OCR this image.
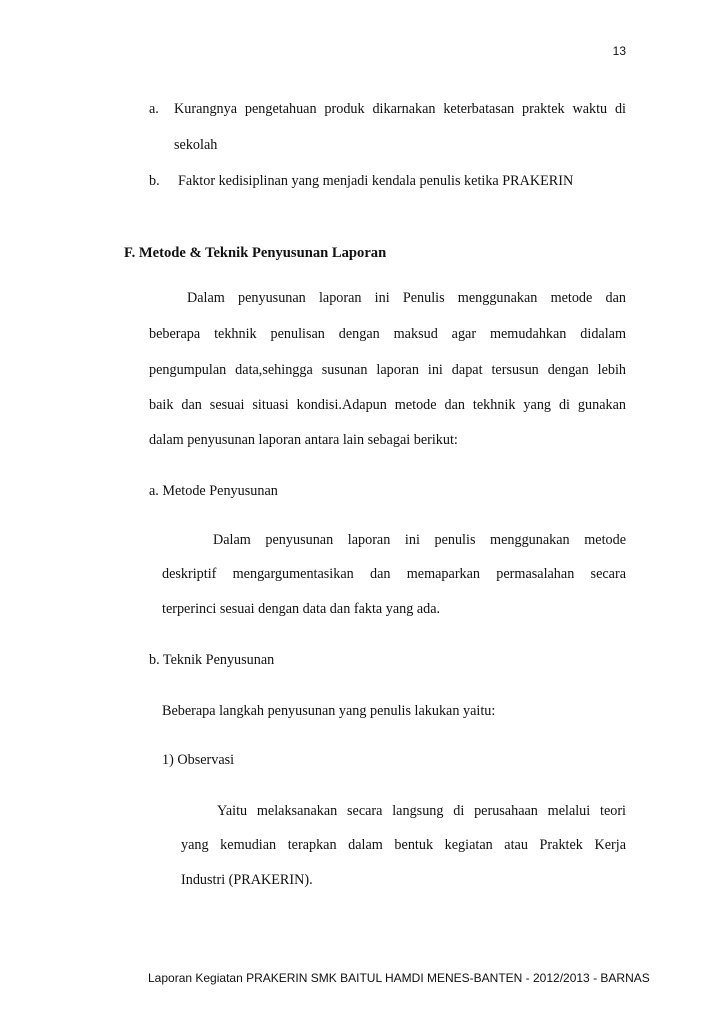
13
a. Kurangnya pengetahuan produk dikarnakan keterbatasan praktek waktu di
sekolah
b. Faktor kedisiplinan yang menjadi kendala penulis ketika PRAKERIN
F. Metode & Teknik Penyusunan Laporan
Dalam penyusunan laporan ini Penulis menggunakan metode dan
beberapa tekhnik penulisan dengan maksud agar memudahkan didalam
pengumpulan data,sehingga susunan laporan ini dapat tersusun dengan lebih
baik dan sesuai situasi kondisi.Adapun metode dan tekhnik yang di gunakan
dalam penyusunan laporan antara lain sebagai berikut:
a. Metode Penyusunan
Dalam penyusunan laporan ini penulis menggunakan metode
deskriptif mengargumentasikan dan memaparkan permasalahan secara
terperinci sesuai dengan data dan fakta yang ada.
b. Teknik Penyusunan
Beberapa langkah penyusunan yang penulis lakukan yaitu:
1) Observasi
Yaitu melaksanakan secara langsung di perusahaan melalui teori
yang kemudian terapkan dalam bentuk kegiatan atau Praktek Kerja
Industri (PRAKERIN).
Laporan Kegiatan PRAKERIN SMK BAITUL HAMDI MENES-BANTEN - 2012/2013 - BARNAS
